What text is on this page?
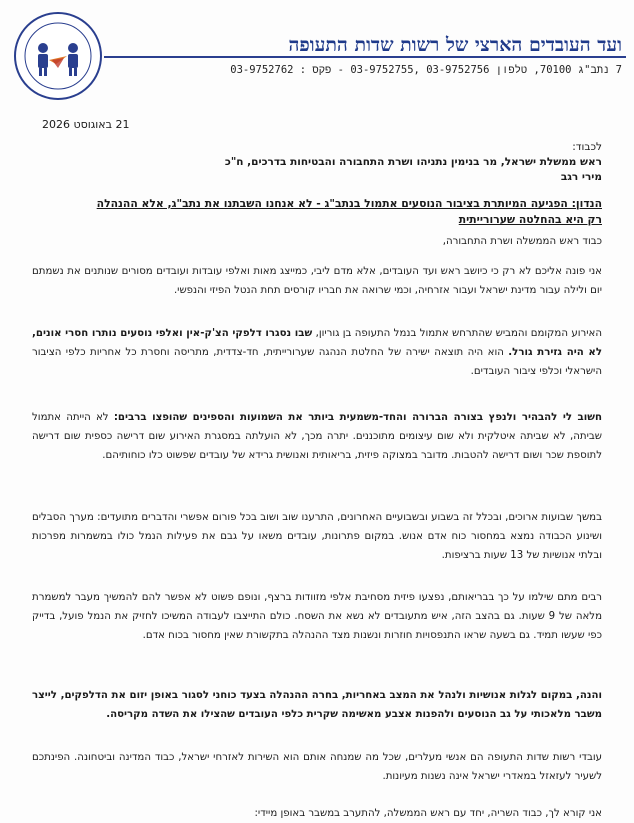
ועד העובדים הארצי של רשות שדות התעופה
7 נתב"ג 70100, טלפון 03-9752756 ,03-9752755 - פקס : 03-9752762
21 באוגוסט 2026
לכבוד:
ראש ממשלת ישראל, מר בנימין נתניהו ושרת התחבורה והבטיחות בדרכים, ח"כ
מירי רגב
הנדון: הפגיעה המיותרת בציבור הנוסעים אתמול בנתב"ג - לא אנחנו השבתנו את נתב"ג, אלא ההנהלה רק היא בהחלטה שערורייתית
כבוד ראש הממשלה ושרת התחבורה,
אני פונה אליכם לא רק כי כיושב ראש ועד העובדים, אלא מדם ליבי, כמייצג מאות ואלפי עובדות ועובדים מסורים שנותנים את נשמתם יום ולילה עבור מדינת ישראל ועבור אזרחיה, וכמי שרואה את חבריו קורסים תחת הנטל הפיזי והנפשי.
האירוע המקומם והמביש שהתרחש אתמול בנמל התעופה בן גוריון, שבו נסגרו דלפקי הצ'ק-אין ואלפי נוסעים נותרו חסרי אונים, לא היה גזירת גורל. הוא היה תוצאה ישירה של החלטת הנהגה שערורייתית, חד-צדדית, מתריסה וחסרת כל אחריות כלפי הציבור הישראלי וכלפי ציבור העובדים.
חשוב לי להבהיר ולנפץ בצורה הברורה והחד-משמעית ביותר את השמועות והספינים שהופצו ברבים: לא הייתה אתמול שביתה, לא שביתה איטלקית ולא שום עיצומים מתוכננים. יתרה מכך, לא הועלתה במסגרת האירוע שום דרישה כספית שום דרישה לתוספת שכר ושום דרישה להטבות. מדובר במצוקה פיזית, בריאותית ואנושית גרידא של עובדים שפשוט כלו כוחותיהם.
במשך שבועות ארוכים, ובכלל זה בשבוע ובשבועיים האחרונים, התרענו שוב ושוב בכל פורום אפשרי והדברים מתועדים: מערך הסבלים ושינוע הכבודה נמצא במחסור כוח אדם אנוש. במקום פתרונות, עובדים משאו על גבם את פעילות הנמל כולו במשמרות מפרכות ובלתי אנושיות של 13 שעות ברציפות.
רבים מתם שילמו על כך בבריאותם, נפצעו פיזית מסחיבת אלפי מזוודות ברצף, ונופם פשוט לא אפשר להם להמשיך מעבר למשמרת מלאה של 9 שעות. גם בהצב הזה, איש מתעובדים לא נשא את השסח. כולם התייצבו לעבודה המשיכו לחזיק את הנמל פועל, בדייק כפי שעשו תמיד. גם בשעה שראו התנפסויות חוזרות ונשנות מצד ההנהלה בתקשורת שאין מחסור בכוח אדם.
והנה, במקום לגלות אנושיות ולנהל את המצב באחריות, בחרה ההנהלה בצעד כוחני לסגור באופן יזום את הדלפקים, לייצר משבר מלאכותי על גב הנוסעים ולהפנות אצבע מאשימה שקרית כלפי העובדים שהצילו את השדה מקריסה.
עובדי רשות שדות התעופה הם אנשי מעלרים, שכל מה שמנחה אותם הוא השירות לאזרחי ישראל, כבוד המדינה וביטחונה. הפינתכם לשעיר לעזאזל במאדרי ישראל אינה נשנות מעיונות.
אני קורא לך, כבוד השריה, יחד עם ראש הממשלה, להתערב במשבר באופן מיידי:
